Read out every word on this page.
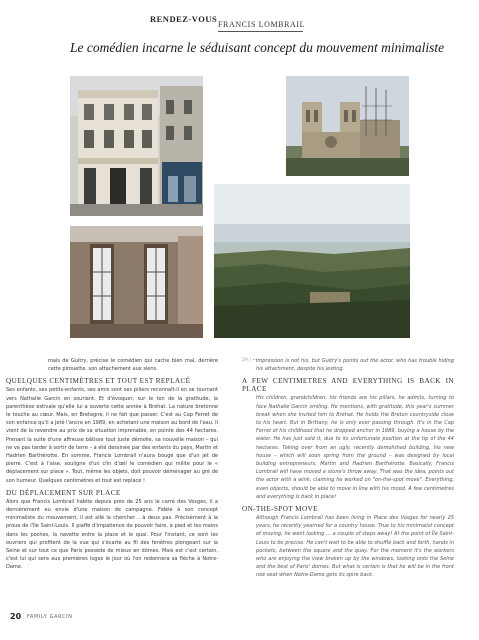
RENDEZ-VOUS
FRANCIS LOMBRAIL
Le comédien incarne le séduisant concept du mouvement minimaliste

mais de Guitry, précise le comédien qui cache bien mal, derrière cette pirouette, son attachement aux siens.

QUELQUES CENTIMÈTRES ET TOUT EST REPLACÉ

Ses enfants, ses petits-enfants, ses amis sont ses piliers reconnaît-il en se tournant vers Nathalie Garcin en souriant. Et d'évoquer, sur le ton de la gratitude, la parenthèse estivale qu'elle lui a ouverte cette année à Bréhat. La nature bretonne le touche au cœur. Mais, en Bretagne, il ne fait que passer. C'est au Cap Ferret de son enfance qu'il a jeté l'ancre en 1989, en achetant une maison au bord de l'eau. Il vient de la revendre au prix de sa situation imprenable, en pointe des 44 hectares. Prenant la suite d'une affreuse bâtisse tout juste démolie, sa nouvelle maison – qui ne va pas tarder à sortir de terre – a été dessinée par des enfants du pays, Martin et Hadrien Barthérotte. En somme, Francis Lombrail n'aura bougé que d'un jet de pierre. C'est à l'aise, souligne d'un clin d'œil le comédien qui milite pour le « déplacement sur place ». Tout, même les objets, doit pouvoir déménager au gré de son humeur. Quelques centimètres et tout est replacé !

DU DÉPLACEMENT SUR PLACE

Alors que Francis Lombrail habite depuis près de 25 ans le carré des Vosges, il a dernièrement eu envie d'une maison de campagne. Fidèle à son concept minimaliste du mouvement, il est allé la chercher… à deux pas. Précisément à la proue de l'île Saint-Louis. Il piaffe d'impatience de pouvoir faire, à pied et les mains dans les poches, la navette entre la place et le quai. Pour l'instant, ce sont les ouvriers qui profitent de la vue qui s'écarte au fil des fenêtres plongeant sur la Seine et sur tout ce que Paris possède de mieux en dômes. Mais est c'est certain, c'est lui qui sera aux premières loges le jour où l'on redonnera sa flèche à Notre-Dame.

29 / ••

impression is not his, but Guitry's points out the actor, who has trouble hiding his attachment, despite his jesting.

A FEW CENTIMETRES AND EVERYTHING IS BACK IN PLACE

His children, grandchildren, his friends are his pillars, he admits, turning to face Nathalie Garcin smiling. He mentions, with gratitude, this year's summer break when she invited him to Bréhat. He holds the Breton countryside close to his heart. But in Brittany, he is only ever passing through. It's in the Cap Ferret of his childhood that he dropped anchor in 1989, buying a house by the water. He has just sold it, due to its unfortunate position at the tip of the 44 hectares. Taking over from an ugly, recently demolished building, his new house – which will soon spring from the ground – was designed by local building entrepreneurs, Martin and Hadrien Barthérotte. Basically, Francis Lombrail will have moved a stone's throw away. That was the idea, points out the actor with a wink, claiming he worked on "on-the-spot move". Everything, even objects, should be able to move in line with his mood. A few centimetres and everything is back in place!

ON-THE-SPOT MOVE

Although Francis Lombrail has been living in Place des Vosges for nearly 25 years, he recently yearned for a country house. True to his minimalist concept of moving, he went looking … a couple of steps away! At the point of Île Saint-Louis to be precise. He can't wait to be able to shuffle back and forth, hands in pockets, between the square and the quay. For the moment it's the workers who are enjoying the view broken up by the windows, looking onto the Seine and the best of Paris' domes. But what is certain is that he will be in the front row seat when Notre-Dame gets its spire back.

20 FAMILY GARCIN
